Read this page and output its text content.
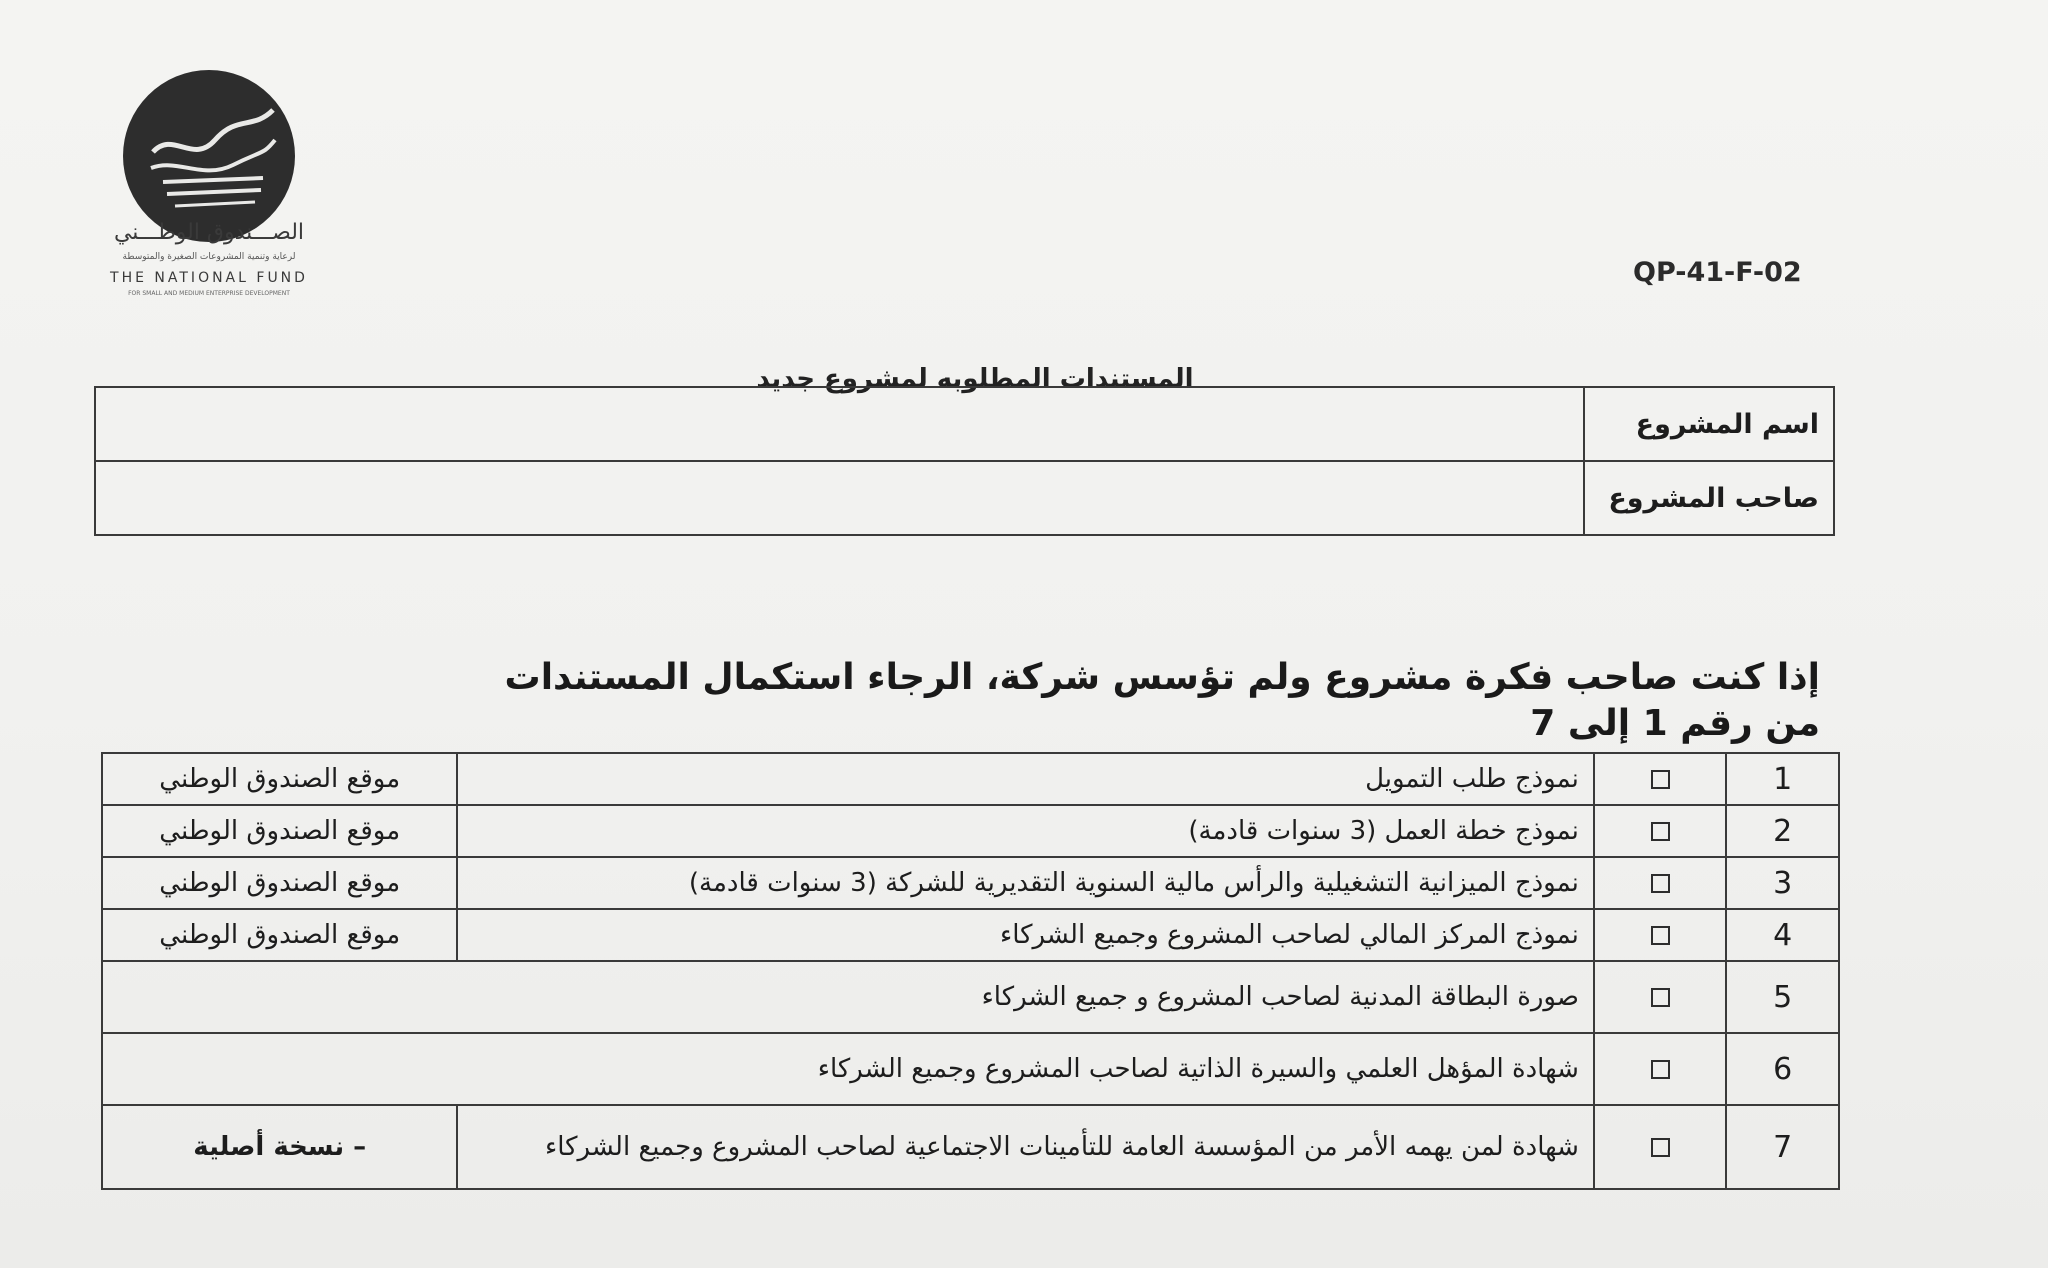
الصـــندوق الوطـــني
لرعاية وتنمية المشروعات الصغيرة والمتوسطة
THE NATIONAL FUND
FOR SMALL AND MEDIUM ENTERPRISE DEVELOPMENT
QP-41-F-02
المستندات المطلوبه لمشروع جديد
اسم المشروع	
صاحب المشروع	
إذا كنت صاحب فكرة مشروع ولم تؤسس شركة، الرجاء استكمال المستندات من رقم 1 إلى 7
1		نموذج طلب التمويل	موقع الصندوق الوطني
2		نموذج خطة العمل (3 سنوات قادمة)	موقع الصندوق الوطني
3		نموذج الميزانية التشغيلية والرأس مالية السنوية التقديرية للشركة (3 سنوات قادمة)	موقع الصندوق الوطني
4		نموذج المركز المالي لصاحب المشروع وجميع الشركاء	موقع الصندوق الوطني
5		صورة البطاقة المدنية لصاحب المشروع و جميع الشركاء	
6		شهادة المؤهل العلمي والسيرة الذاتية لصاحب المشروع وجميع الشركاء	
7		شهادة لمن يهمه الأمر من المؤسسة العامة للتأمينات الاجتماعية لصاحب المشروع وجميع الشركاء	– نسخة أصلية
